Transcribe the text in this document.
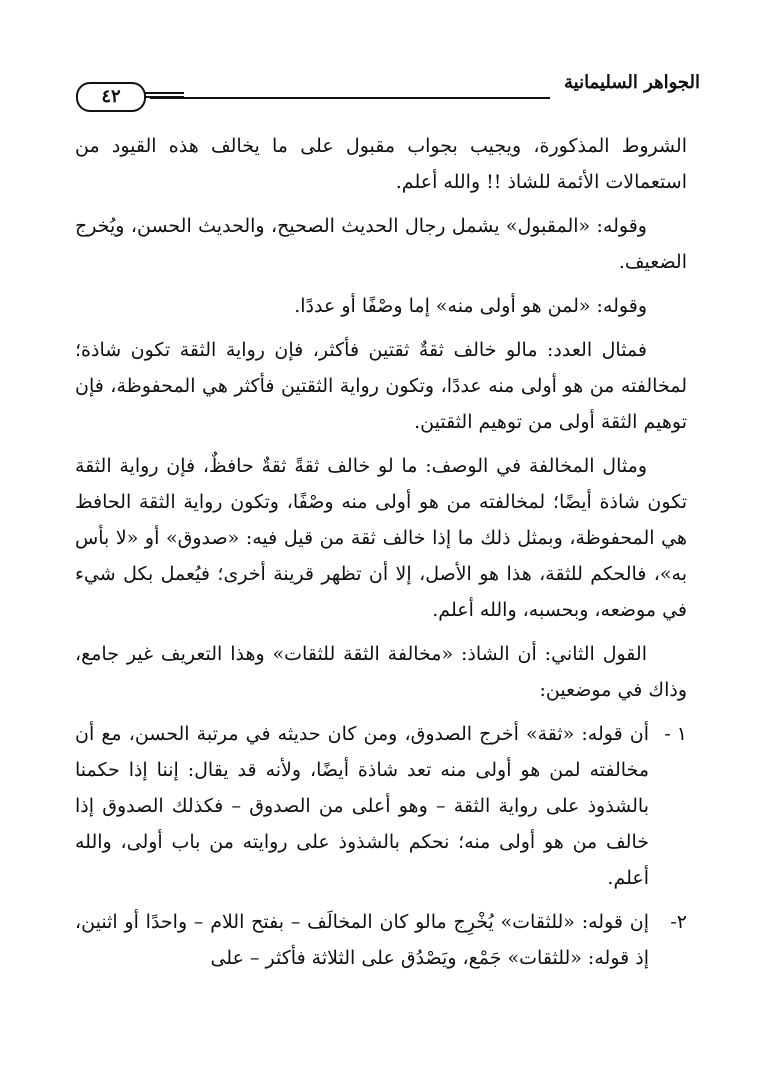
الجواهر السليمانية
٤٢

الشروط المذكورة، ويجيب بجواب مقبول على ما يخالف هذه القيود من استعمالات الأئمة للشاذ !! والله أعلم.

وقوله: «المقبول» يشمل رجال الحديث الصحيح، والحديث الحسن، ويُخرج الضعيف.

وقوله: «لمن هو أولى منه» إما وصْفًا أو عددًا.

فمثال العدد: مالو خالف ثقةٌ ثقتين فأكثر، فإن رواية الثقة تكون شاذة؛ لمخالفته من هو أولى منه عددًا، وتكون رواية الثقتين فأكثر هي المحفوظة، فإن توهيم الثقة أولى من توهيم الثقتين.

ومثال المخالفة في الوصف: ما لو خالف ثقةً ثقةٌ حافظٌ، فإن رواية الثقة تكون شاذة أيضًا؛ لمخالفته من هو أولى منه وصْفًا، وتكون رواية الثقة الحافظ هي المحفوظة، وبمثل ذلك ما إذا خالف ثقة من قيل فيه: «صدوق» أو «لا بأس به»، فالحكم للثقة، هذا هو الأصل، إلا أن تظهر قرينة أخرى؛ فيُعمل بكل شيء في موضعه، وبحسبه، والله أعلم.

القول الثاني: أن الشاذ: «مخالفة الثقة للثقات» وهذا التعريف غير جامع، وذاك في موضعين:

١ -
أن قوله: «ثقة» أخرج الصدوق، ومن كان حديثه في مرتبة الحسن، مع أن مخالفته لمن هو أولى منه تعد شاذة أيضًا، ولأنه قد يقال: إننا إذا حكمنا بالشذوذ على رواية الثقة – وهو أعلى من الصدوق – فكذلك الصدوق إذا خالف من هو أولى منه؛ نحكم بالشذوذ على روايته من باب أولى، والله أعلم.
٢-
إن قوله: «للثقات» يُخْرِج مالو كان المخالَف – بفتح اللام – واحدًا أو اثنين، إذ قوله: «للثقات» جَمْع، ويَصْدُق على الثلاثة فأكثر – على
